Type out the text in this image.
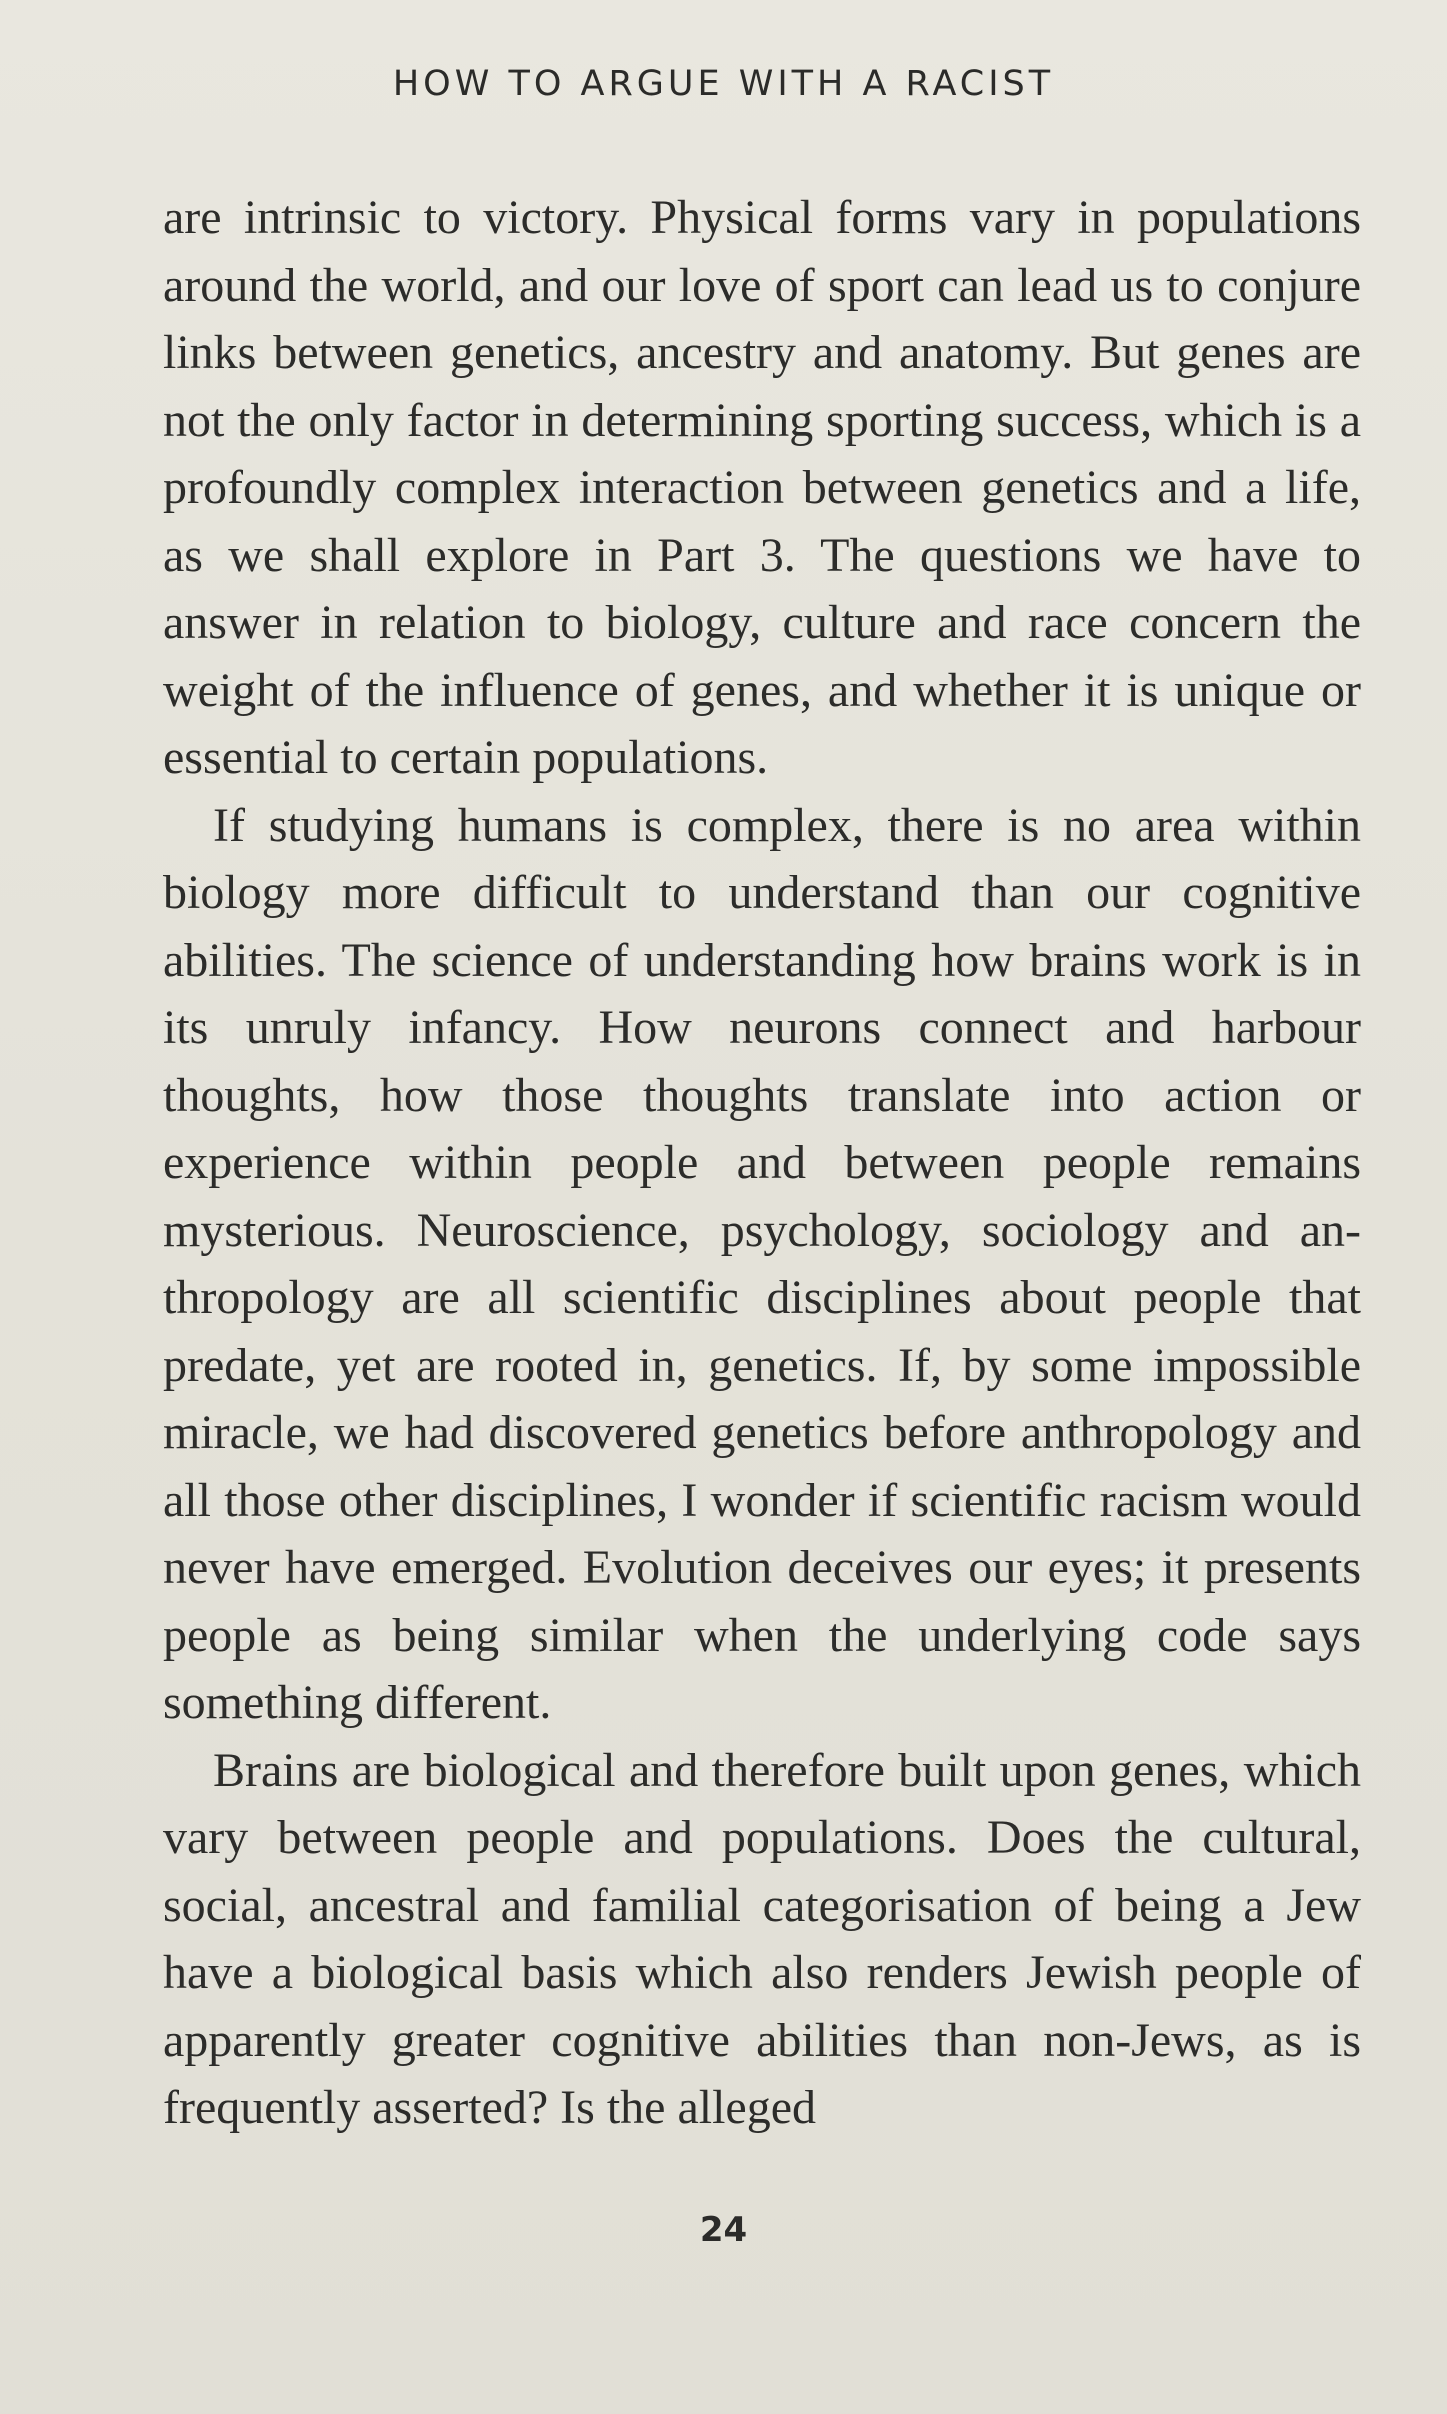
HOW TO ARGUE WITH A RACIST

are intrinsic to victory. Physical forms vary in populations around the world, and our love of sport can lead us to conjure links between genetics, ancestry and anatomy. But genes are not the only factor in determining sporting success, which is a profoundly complex interaction between genetics and a life, as we shall explore in Part 3. The questions we have to answer in relation to biology, culture and race concern the weight of the influence of genes, and whether it is unique or essential to certain populations.

If studying humans is complex, there is no area within biology more difficult to understand than our cognitive abilities. The science of understanding how brains work is in its unruly infancy. How neurons connect and harbour thoughts, how those thoughts translate into action or experience within people and between people remains mysterious. Neuroscience, psychology, sociology and anthropology are all scientific disciplines about people that predate, yet are rooted in, genetics. If, by some impossible miracle, we had discovered genetics before anthropology and all those other disciplines, I wonder if scientific racism would never have emerged. Evolution deceives our eyes; it presents people as being similar when the underlying code says something different.

Brains are biological and therefore built upon genes, which vary between people and populations. Does the cultural, social, ancestral and familial categorisation of being a Jew have a biological basis which also renders Jewish people of apparently greater cognitive abilities than non-Jews, as is frequently asserted? Is the alleged

24
